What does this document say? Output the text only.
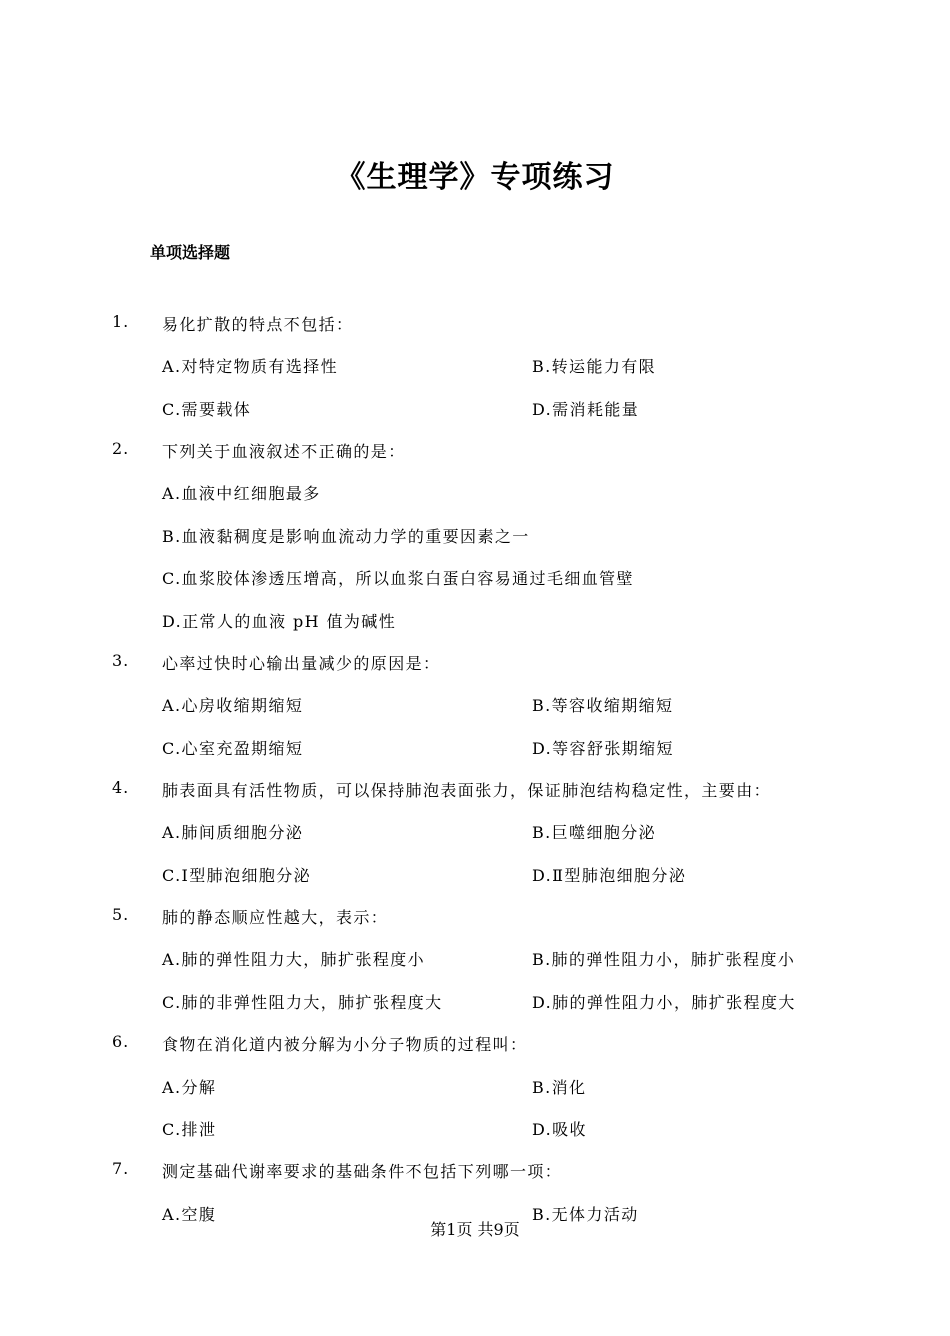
《生理学》专项练习
单项选择题
1. 易化扩散的特点不包括：
A.对特定物质有选择性	B.转运能力有限
C.需要载体	D.需消耗能量
2. 下列关于血液叙述不正确的是：
A.血液中红细胞最多
B.血液黏稠度是影响血流动力学的重要因素之一
C.血浆胶体渗透压增高，所以血浆白蛋白容易通过毛细血管壁
D.正常人的血液 pH 值为碱性
3. 心率过快时心输出量减少的原因是：
A.心房收缩期缩短	B.等容收缩期缩短
C.心室充盈期缩短	D.等容舒张期缩短
4. 肺表面具有活性物质，可以保持肺泡表面张力，保证肺泡结构稳定性，主要由：
A.肺间质细胞分泌	B.巨噬细胞分泌
C.Ⅰ型肺泡细胞分泌	D.Ⅱ型肺泡细胞分泌
5. 肺的静态顺应性越大，表示：
A.肺的弹性阻力大，肺扩张程度小	B.肺的弹性阻力小，肺扩张程度小
C.肺的非弹性阻力大，肺扩张程度大	D.肺的弹性阻力小，肺扩张程度大
6. 食物在消化道内被分解为小分子物质的过程叫：
A.分解	B.消化
C.排泄	D.吸收
7. 测定基础代谢率要求的基础条件不包括下列哪一项：
A.空腹	B.无体力活动
第1页 共9页
